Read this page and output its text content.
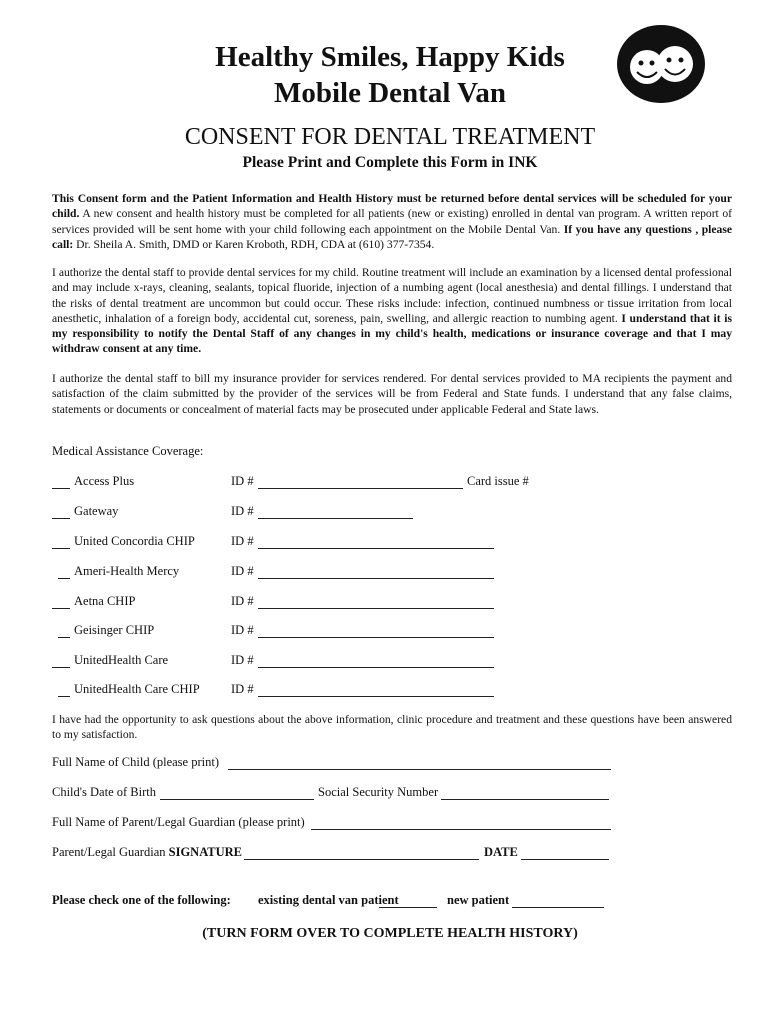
Healthy Smiles, Happy Kids
Mobile Dental Van
CONSENT FOR DENTAL TREATMENT
Please Print and Complete this Form in INK
This Consent form and the Patient Information and Health History must be returned before dental services will be scheduled for your child. A new consent and health history must be completed for all patients (new or existing) enrolled in dental van program. A written report of services provided will be sent home with your child following each appointment on the Mobile Dental Van. If you have any questions , please call: Dr. Sheila A. Smith, DMD or Karen Kroboth, RDH, CDA at (610) 377-7354.
I authorize the dental staff to provide dental services for my child. Routine treatment will include an examination by a licensed dental professional and may include x-rays, cleaning, sealants, topical fluoride, injection of a numbing agent (local anesthesia) and dental fillings. I understand that the risks of dental treatment are uncommon but could occur. These risks include: infection, continued numbness or tissue irritation from local anesthetic, inhalation of a foreign body, accidental cut, soreness, pain, swelling, and allergic reaction to numbing agent. I understand that it is my responsibility to notify the Dental Staff of any changes in my child's health, medications or insurance coverage and that I may withdraw consent at any time.
I authorize the dental staff to bill my insurance provider for services rendered. For dental services provided to MA recipients the payment and satisfaction of the claim submitted by the provider of the services will be from Federal and State funds. I understand that any false claims, statements or documents or concealment of material facts may be prosecuted under applicable Federal and State laws.
Medical Assistance Coverage:
Access Plus	ID #	Card issue #
Gateway	ID #
United Concordia CHIP	ID #
Ameri-Health Mercy	ID #
Aetna CHIP	ID #
Geisinger CHIP	ID #
UnitedHealth Care	ID #
UnitedHealth Care CHIP	ID #
I have had the opportunity to ask questions about the above information, clinic procedure and treatment and these questions have been answered to my satisfaction.
Full Name of Child (please print)
Child's Date of Birth	Social Security Number
Full Name of Parent/Legal Guardian (please print)
Parent/Legal Guardian SIGNATURE	DATE
Please check one of the following: existing dental van patient	new patient
(TURN FORM OVER TO COMPLETE HEALTH HISTORY)
